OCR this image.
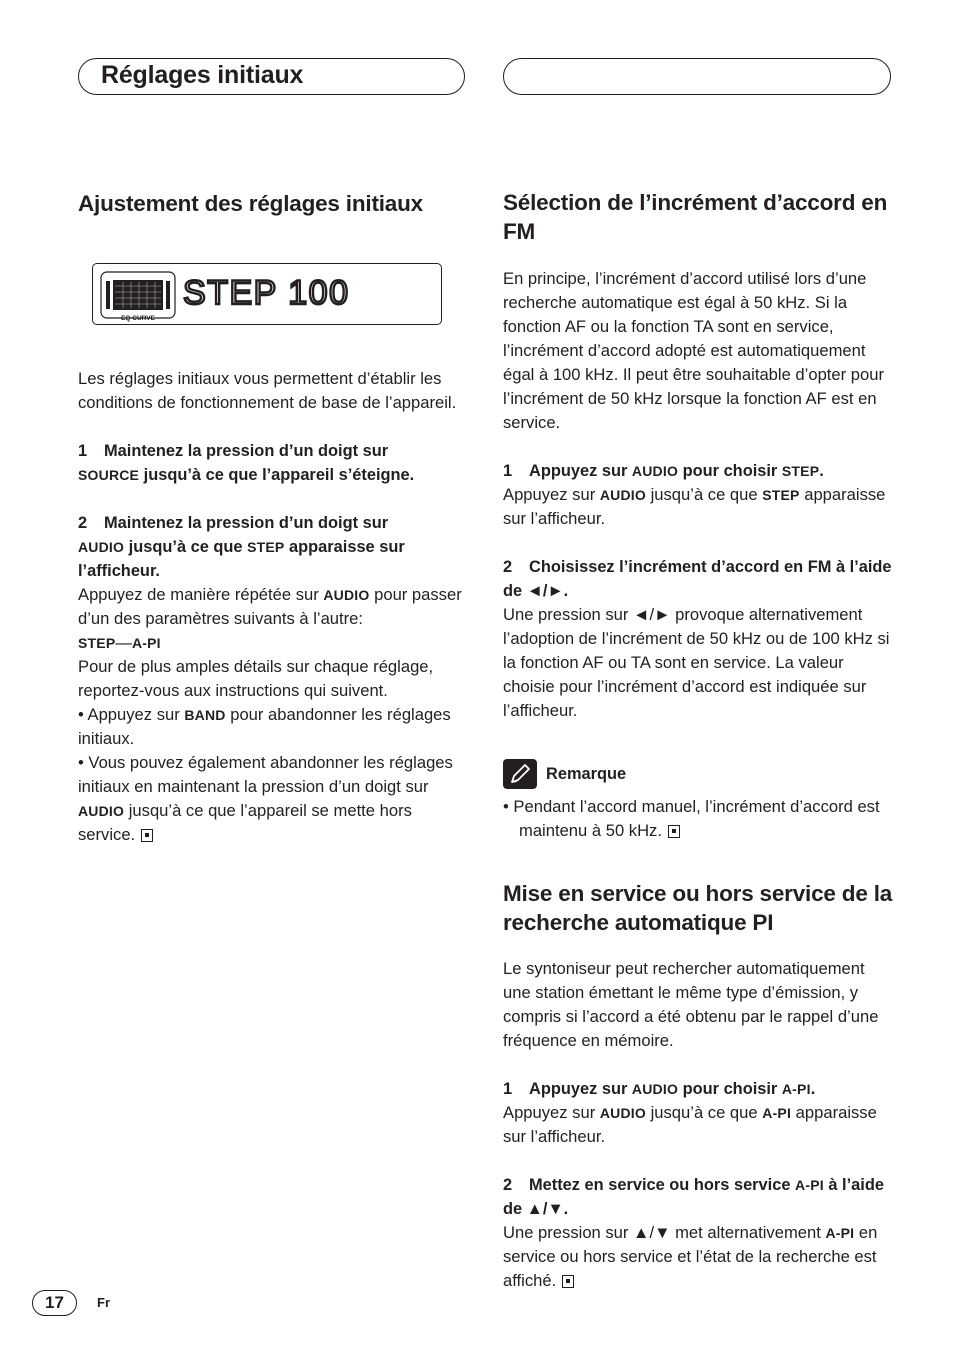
Réglages initiaux
Ajustement des réglages initiaux
EQ CURVE
STEP 100

Les réglages initiaux vous permettent d’établir les conditions de fonctionnement de base de l’appareil.

1 Maintenez la pression d’un doigt sur
SOURCE jusqu’à ce que l’appareil s’éteigne.

2 Maintenez la pression d’un doigt sur
AUDIO jusqu’à ce que STEP apparaisse sur l’afficheur.

Appuyez de manière répétée sur AUDIO pour passer d’un des paramètres suivants à l’autre:

STEP—A-PI

Pour de plus amples détails sur chaque réglage, reportez-vous aux instructions qui suivent.

• Appuyez sur BAND pour abandonner les réglages initiaux.

• Vous pouvez également abandonner les réglages initiaux en maintenant la pression d’un doigt sur AUDIO jusqu’à ce que l’appareil se mette hors service.

Sélection de l’incrément d’accord en FM

En principe, l’incrément d’accord utilisé lors d’une recherche automatique est égal à 50 kHz. Si la fonction AF ou la fonction TA sont en service, l’incrément d’accord adopté est automatiquement égal à 100 kHz. Il peut être souhaitable d’opter pour l’incrément de 50 kHz lorsque la fonction AF est en service.

1 Appuyez sur AUDIO pour choisir STEP.

Appuyez sur AUDIO jusqu’à ce que STEP apparaisse sur l’afficheur.

2 Choisissez l’incrément d’accord en FM à l’aide de ◄/►.

Une pression sur ◄/► provoque alternativement l’adoption de l’incrément de 50 kHz ou de 100 kHz si la fonction AF ou TA sont en service. La valeur choisie pour l’incrément d’accord est indiquée sur l’afficheur.

Remarque

• Pendant l’accord manuel, l’incrément d’accord est maintenu à 50 kHz.

Mise en service ou hors service de la recherche automatique PI

Le syntoniseur peut rechercher automatiquement une station émettant le même type d’émission, y compris si l’accord a été obtenu par le rappel d’une fréquence en mémoire.

1 Appuyez sur AUDIO pour choisir A-PI.

Appuyez sur AUDIO jusqu’à ce que A-PI apparaisse sur l’afficheur.

2 Mettez en service ou hors service A-PI à l’aide de ▲/▼.

Une pression sur ▲/▼ met alternativement A-PI en service ou hors service et l’état de la recherche est affiché.

17	Fr
